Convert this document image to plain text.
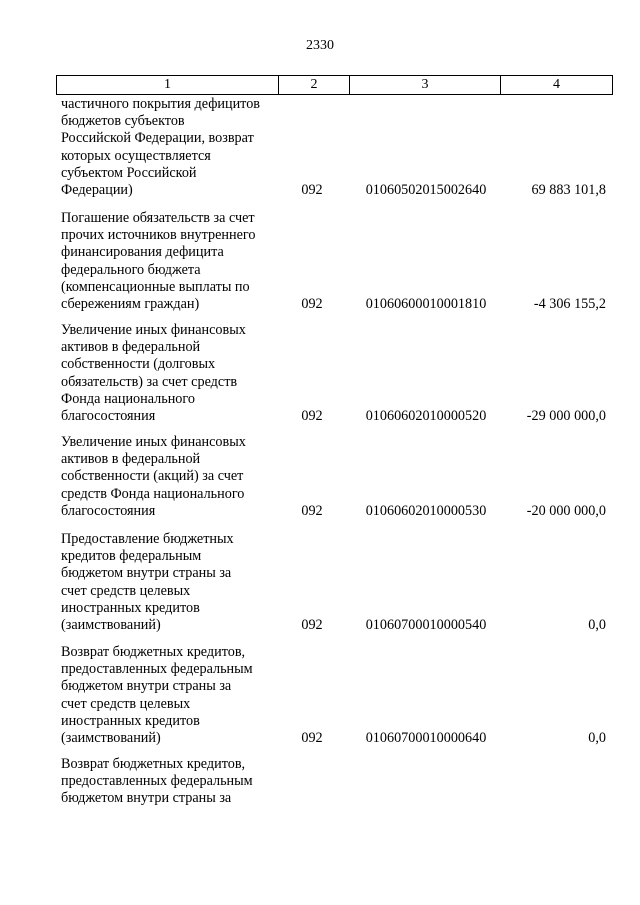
2330
1	2	3	4
частичного покрытия дефицитов
бюджетов субъектов
Российской Федерации, возврат
которых осуществляется
субъектом Российской
Федерации)	092	01060502015002640	69 883 101,8
Погашение обязательств за счет
прочих источников внутреннего
финансирования дефицита
федерального бюджета
(компенсационные выплаты по
сбережениям граждан)	092	01060600010001810	-4 306 155,2
Увеличение иных финансовых
активов в федеральной
собственности (долговых
обязательств) за счет средств
Фонда национального
благосостояния	092	01060602010000520	-29 000 000,0
Увеличение иных финансовых
активов в федеральной
собственности (акций) за счет
средств Фонда национального
благосостояния	092	01060602010000530	-20 000 000,0
Предоставление бюджетных
кредитов федеральным
бюджетом внутри страны за
счет средств целевых
иностранных кредитов
(заимствований)	092	01060700010000540	0,0
Возврат бюджетных кредитов,
предоставленных федеральным
бюджетом внутри страны за
счет средств целевых
иностранных кредитов
(заимствований)	092	01060700010000640	0,0
Возврат бюджетных кредитов,
предоставленных федеральным
бюджетом внутри страны за
